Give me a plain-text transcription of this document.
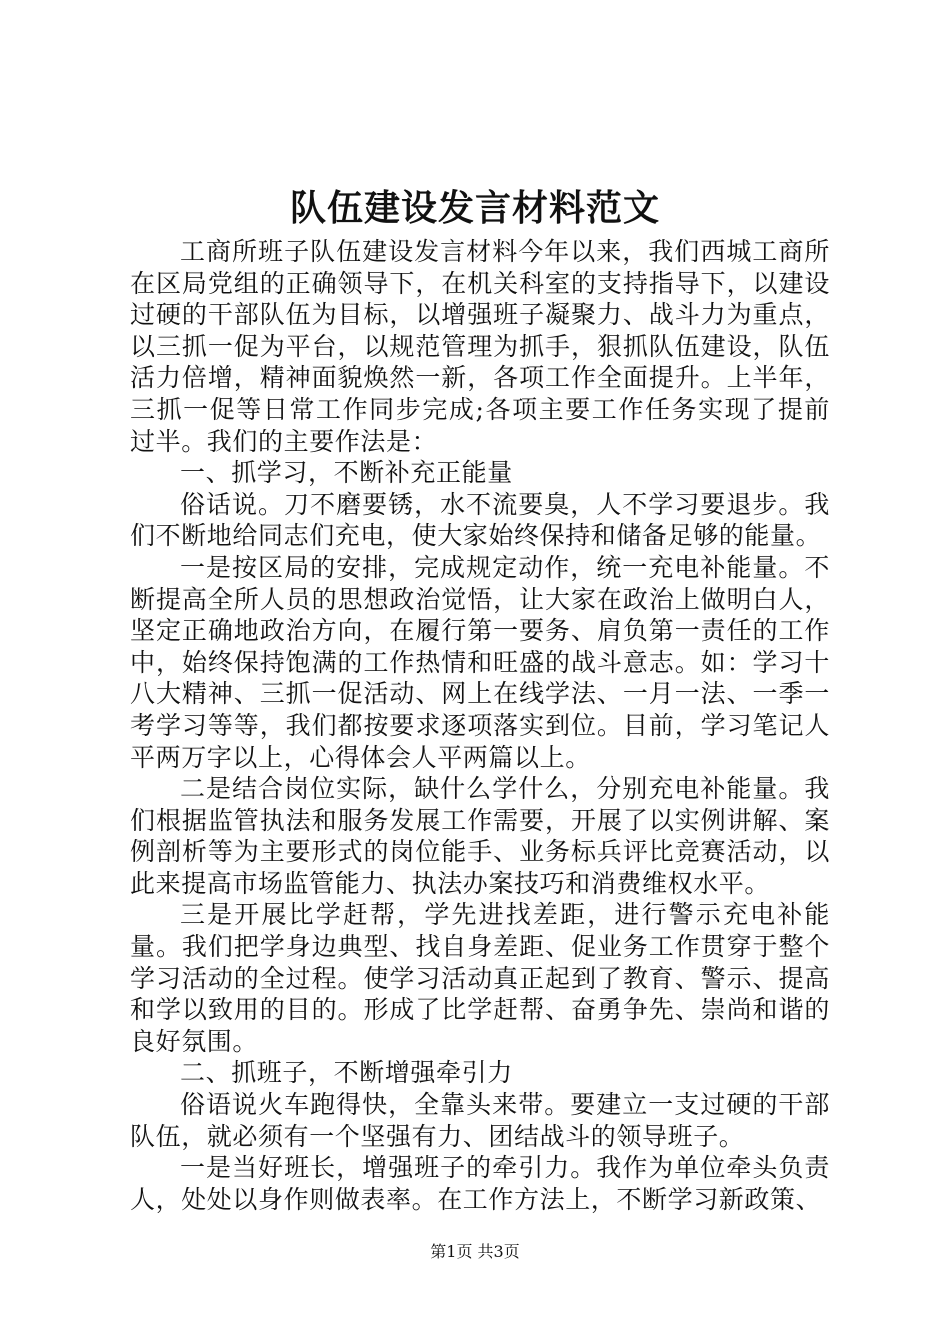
队伍建设发言材料范文

工商所班子队伍建设发言材料今年以来，我们西城工商所在区局党组的正确领导下，在机关科室的支持指导下，以建设过硬的干部队伍为目标，以增强班子凝聚力、战斗力为重点，以三抓一促为平台，以规范管理为抓手，狠抓队伍建设，队伍活力倍增，精神面貌焕然一新，各项工作全面提升。上半年，三抓一促等日常工作同步完成;各项主要工作任务实现了提前过半。我们的主要作法是：

一、抓学习，不断补充正能量

俗话说。刀不磨要锈，水不流要臭，人不学习要退步。我们不断地给同志们充电，使大家始终保持和储备足够的能量。

一是按区局的安排，完成规定动作，统一充电补能量。不断提高全所人员的思想政治觉悟，让大家在政治上做明白人，坚定正确地政治方向，在履行第一要务、肩负第一责任的工作中，始终保持饱满的工作热情和旺盛的战斗意志。如：学习十八大精神、三抓一促活动、网上在线学法、一月一法、一季一考学习等等，我们都按要求逐项落实到位。目前，学习笔记人平两万字以上，心得体会人平两篇以上。

二是结合岗位实际，缺什么学什么，分别充电补能量。我们根据监管执法和服务发展工作需要，开展了以实例讲解、案例剖析等为主要形式的岗位能手、业务标兵评比竞赛活动，以此来提高市场监管能力、执法办案技巧和消费维权水平。

三是开展比学赶帮，学先进找差距，进行警示充电补能量。我们把学身边典型、找自身差距、促业务工作贯穿于整个学习活动的全过程。使学习活动真正起到了教育、警示、提高和学以致用的目的。形成了比学赶帮、奋勇争先、崇尚和谐的良好氛围。

二、抓班子，不断增强牵引力

俗语说火车跑得快，全靠头来带。要建立一支过硬的干部队伍，就必须有一个坚强有力、团结战斗的领导班子。

一是当好班长，增强班子的牵引力。我作为单位牵头负责人，处处以身作则做表率。在工作方法上，不断学习新政策、

第1页 共3页
